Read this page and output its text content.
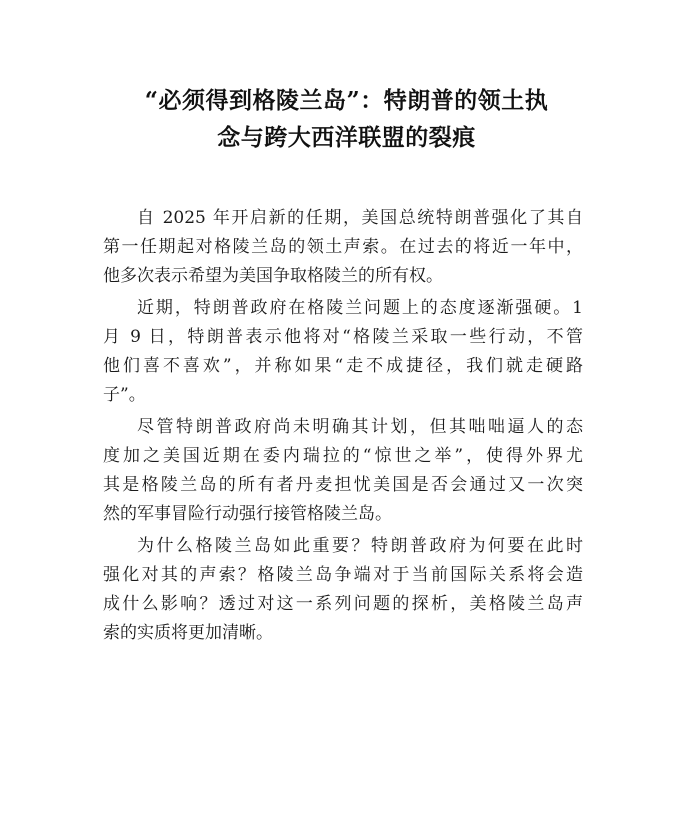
“必须得到格陵兰岛”：特朗普的领土执
念与跨大西洋联盟的裂痕

自 2025 年开启新的任期，美国总统特朗普强化了其自
第一任期起对格陵兰岛的领土声索。在过去的将近一年中，
他多次表示希望为美国争取格陵兰的所有权。

近期，特朗普政府在格陵兰问题上的态度逐渐强硬。1
月 9 日，特朗普表示他将对“格陵兰采取一些行动，不管
他们喜不喜欢”，并称如果“走不成捷径，我们就走硬路
子”。

尽管特朗普政府尚未明确其计划，但其咄咄逼人的态
度加之美国近期在委内瑞拉的“惊世之举”，使得外界尤
其是格陵兰岛的所有者丹麦担忧美国是否会通过又一次突
然的军事冒险行动强行接管格陵兰岛。

为什么格陵兰岛如此重要？特朗普政府为何要在此时
强化对其的声索？格陵兰岛争端对于当前国际关系将会造
成什么影响？透过对这一系列问题的探析，美格陵兰岛声
索的实质将更加清晰。
